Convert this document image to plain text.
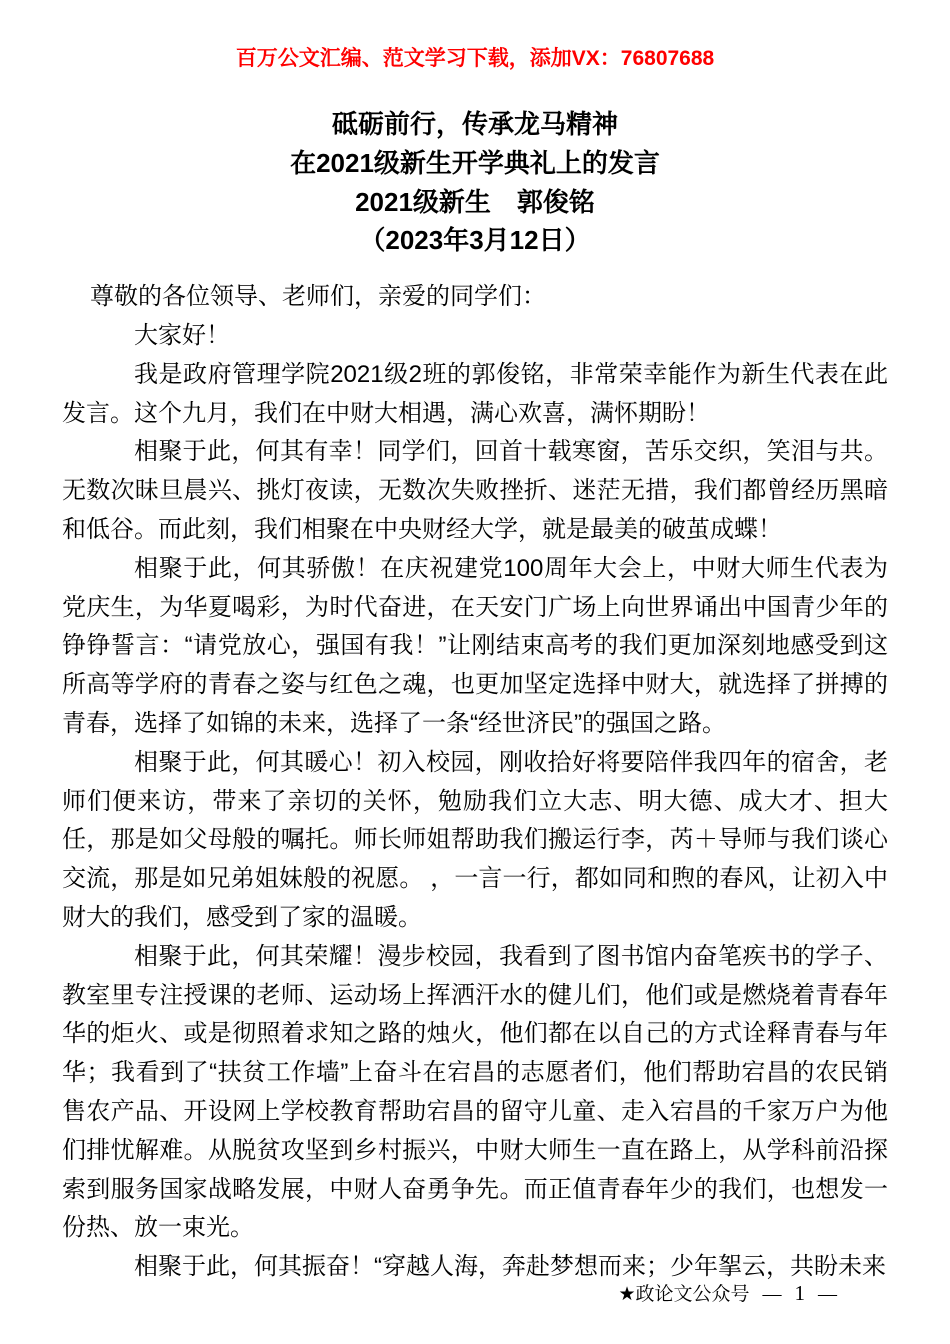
百万公文汇编、范文学习下载，添加VX：76807688
砥砺前行，传承龙马精神
在2021级新生开学典礼上的发言
2021级新生　郭俊铭
（2023年3月12日）

尊敬的各位领导、老师们，亲爱的同学们：

大家好！

我是政府管理学院2021级2班的郭俊铭，非常荣幸能作为新生代表在此发言。这个九月，我们在中财大相遇，满心欢喜，满怀期盼！

相聚于此，何其有幸！同学们，回首十载寒窗，苦乐交织，笑泪与共。无数次昧旦晨兴、挑灯夜读，无数次失败挫折、迷茫无措，我们都曾经历黑暗和低谷。而此刻，我们相聚在中央财经大学，就是最美的破茧成蝶！

相聚于此，何其骄傲！在庆祝建党100周年大会上，中财大师生代表为党庆生，为华夏喝彩，为时代奋进，在天安门广场上向世界诵出中国青少年的铮铮誓言：“请党放心，强国有我！”让刚结束高考的我们更加深刻地感受到这所高等学府的青春之姿与红色之魂，也更加坚定选择中财大，就选择了拼搏的青春，选择了如锦的未来，选择了一条“经世济民”的强国之路。

相聚于此，何其暖心！初入校园，刚收拾好将要陪伴我四年的宿舍，老师们便来访，带来了亲切的关怀，勉励我们立大志、明大德、成大才、担大任，那是如父母般的嘱托。师长师姐帮助我们搬运行李，芮＋导师与我们谈心交流，那是如兄弟姐妹般的祝愿。 ，一言一行，都如同和煦的春风，让初入中财大的我们，感受到了家的温暖。

相聚于此，何其荣耀！漫步校园，我看到了图书馆内奋笔疾书的学子、教室里专注授课的老师、运动场上挥洒汗水的健儿们，他们或是燃烧着青春年华的炬火、或是彻照着求知之路的烛火，他们都在以自己的方式诠释青春与年华；我看到了“扶贫工作墙”上奋斗在宕昌的志愿者们，他们帮助宕昌的农民销售农产品、开设网上学校教育帮助宕昌的留守儿童、走入宕昌的千家万户为他们排忧解难。从脱贫攻坚到乡村振兴，中财大师生一直在路上，从学科前沿探索到服务国家战略发展，中财人奋勇争先。而正值青春年少的我们，也想发一份热、放一束光。

相聚于此，何其振奋！“穿越人海，奔赴梦想而来；少年挐云，共盼未来

★政论文公众号 — 1 —
